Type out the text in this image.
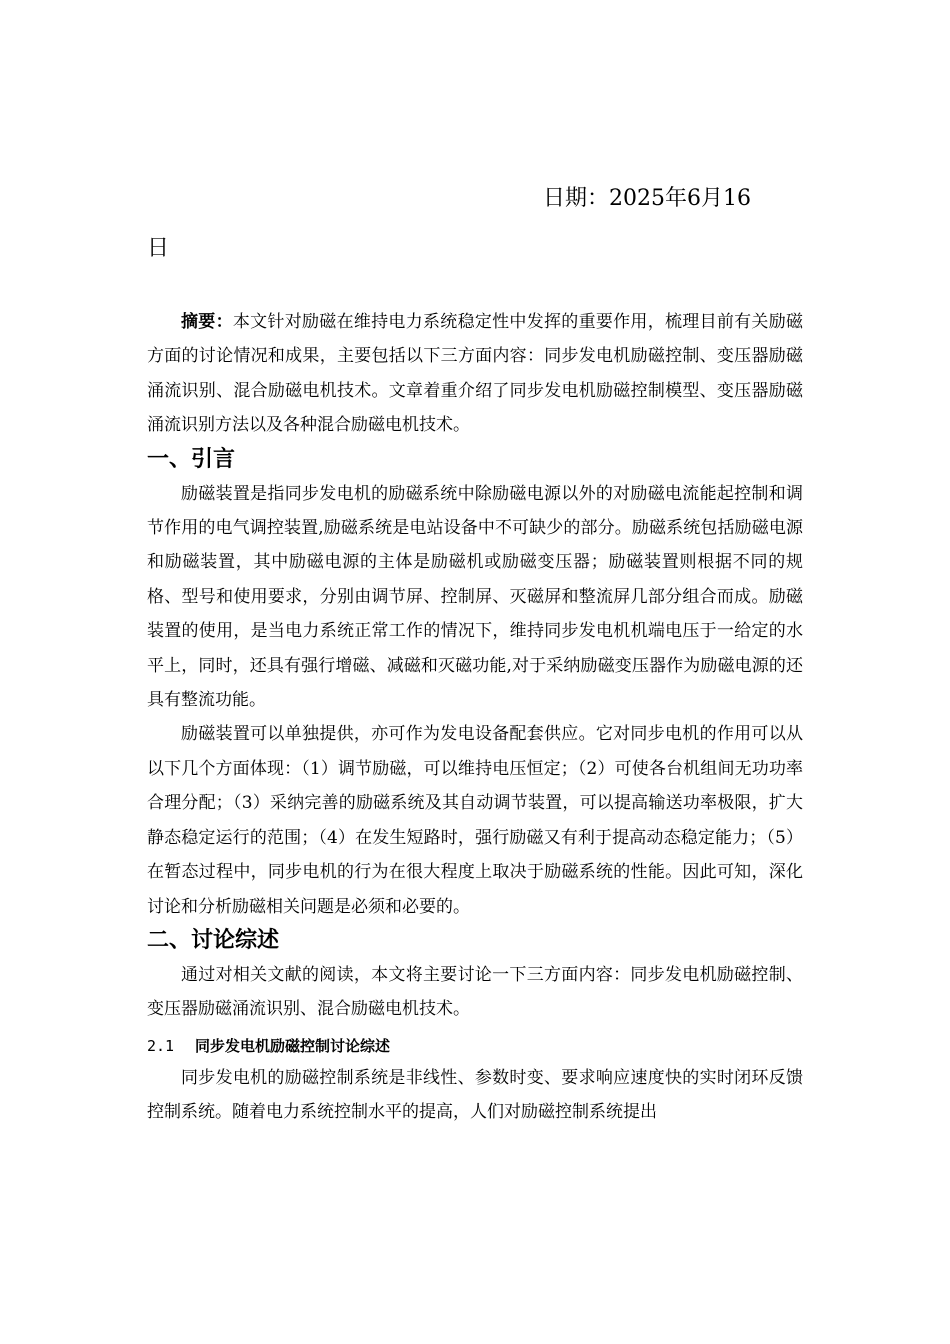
日期：2025年6月16
日

摘要：本文针对励磁在维持电力系统稳定性中发挥的重要作用，梳理目前有关励磁方面的讨论情况和成果，主要包括以下三方面内容：同步发电机励磁控制、变压器励磁涌流识别、混合励磁电机技术。文章着重介绍了同步发电机励磁控制模型、变压器励磁涌流识别方法以及各种混合励磁电机技术。

一、引言

励磁装置是指同步发电机的励磁系统中除励磁电源以外的对励磁电流能起控制和调节作用的电气调控装置,励磁系统是电站设备中不可缺少的部分。励磁系统包括励磁电源和励磁装置，其中励磁电源的主体是励磁机或励磁变压器；励磁装置则根据不同的规格、型号和使用要求，分别由调节屏、控制屏、灭磁屏和整流屏几部分组合而成。励磁装置的使用，是当电力系统正常工作的情况下，维持同步发电机机端电压于一给定的水平上，同时，还具有强行增磁、减磁和灭磁功能,对于采纳励磁变压器作为励磁电源的还具有整流功能。

励磁装置可以单独提供，亦可作为发电设备配套供应。它对同步电机的作用可以从以下几个方面体现：（1）调节励磁，可以维持电压恒定；（2）可使各台机组间无功功率合理分配；（3）采纳完善的励磁系统及其自动调节装置，可以提高输送功率极限，扩大静态稳定运行的范围；（4）在发生短路时，强行励磁又有利于提高动态稳定能力；（5）在暂态过程中，同步电机的行为在很大程度上取决于励磁系统的性能。因此可知，深化讨论和分析励磁相关问题是必须和必要的。

二、讨论综述

通过对相关文献的阅读，本文将主要讨论一下三方面内容：同步发电机励磁控制、变压器励磁涌流识别、混合励磁电机技术。

2.1 同步发电机励磁控制讨论综述

同步发电机的励磁控制系统是非线性、参数时变、要求响应速度快的实时闭环反馈控制系统。随着电力系统控制水平的提高，人们对励磁控制系统提出
